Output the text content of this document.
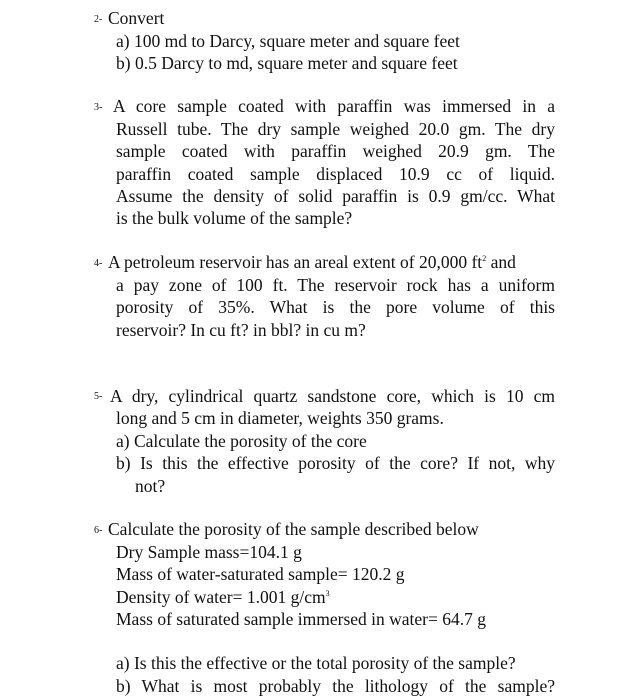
2- Convert
a) 100 md to Darcy, square meter and square feet
b) 0.5 Darcy to md, square meter and square feet
3- A core sample coated with paraffin was immersed in a
Russell tube. The dry sample weighed 20.0 gm. The dry
sample coated with paraffin weighed 20.9 gm. The
paraffin coated sample displaced 10.9 cc of liquid.
Assume the density of solid paraffin is 0.9 gm/cc. What
is the bulk volume of the sample?
4- A petroleum reservoir has an areal extent of 20,000 $ft^2$ and
a pay zone of 100 ft. The reservoir rock has a uniform
porosity of 35%. What is the pore volume of this
reservoir? In cu ft? in bbl? in cu m?
5- A dry, cylindrical quartz sandstone core, which is 10 cm
long and 5 cm in diameter, weights 350 grams.
a) Calculate the porosity of the core
b) Is this the effective porosity of the core? If not, why
not?
6- Calculate the porosity of the sample described below
Dry Sample mass=104.1 g
Mass of water-saturated sample= 120.2 g
Density of water= 1.001 $g/cm^3$
Mass of saturated sample immersed in water= 64.7 g
a) Is this the effective or the total porosity of the sample?
b) What is most probably the lithology of the sample?
